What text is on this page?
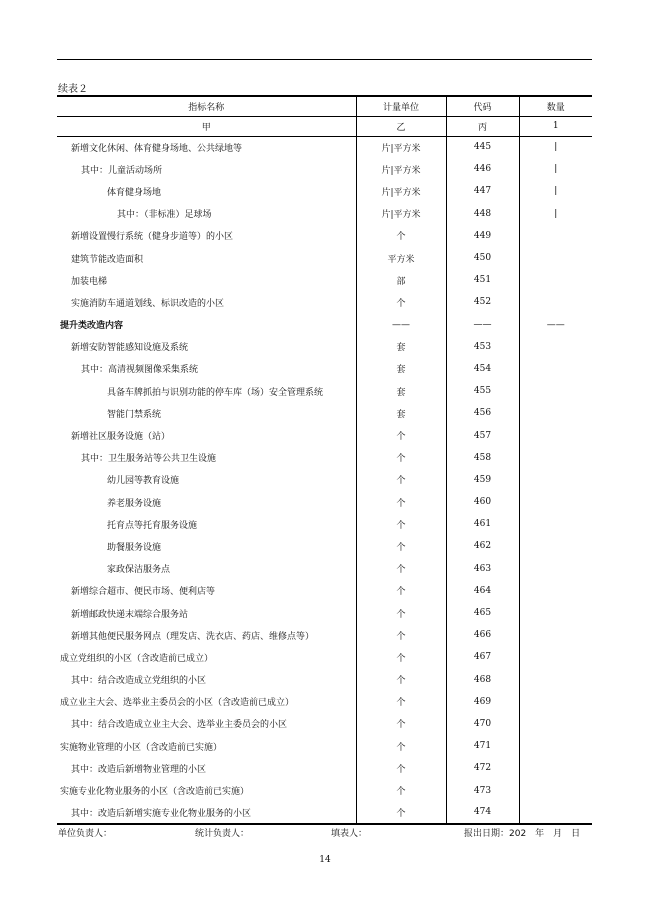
续表２
指标名称	计量单位	代码	数量
甲	乙	丙	1
新增文化休闲、体育健身场地、公共绿地等	片|平方米	445	|
其中：儿童活动场所	片|平方米	446	|
体育健身场地	片|平方米	447	|
其中：（非标准）足球场	片|平方米	448	|
新增设置慢行系统（健身步道等）的小区	个	449	
建筑节能改造面积	平方米	450	
加装电梯	部	451	
实施消防车通道划线、标识改造的小区	个	452	
提升类改造内容	——	——	——
新增安防智能感知设施及系统	套	453	
其中：高清视频图像采集系统	套	454	
具备车牌抓拍与识别功能的停车库（场）安全管理系统	套	455	
智能门禁系统	套	456	
新增社区服务设施（站）	个	457	
其中：卫生服务站等公共卫生设施	个	458	
幼儿园等教育设施	个	459	
养老服务设施	个	460	
托育点等托育服务设施	个	461	
助餐服务设施	个	462	
家政保洁服务点	个	463	
新增综合超市、便民市场、便利店等	个	464	
新增邮政快递末端综合服务站	个	465	
新增其他便民服务网点（理发店、洗衣店、药店、维修点等）	个	466	
成立党组织的小区（含改造前已成立）	个	467	
其中：结合改造成立党组织的小区	个	468	
成立业主大会、选举业主委员会的小区（含改造前已成立）	个	469	
其中：结合改造成立业主大会、选举业主委员会的小区	个	470	
实施物业管理的小区（含改造前已实施）	个	471	
其中：改造后新增物业管理的小区	个	472	
实施专业化物业服务的小区（含改造前已实施）	个	473	
其中：改造后新增实施专业化物业服务的小区	个	474	
单位负责人：	统计负责人：	填表人：	报出日期：202　年　月　日
14
